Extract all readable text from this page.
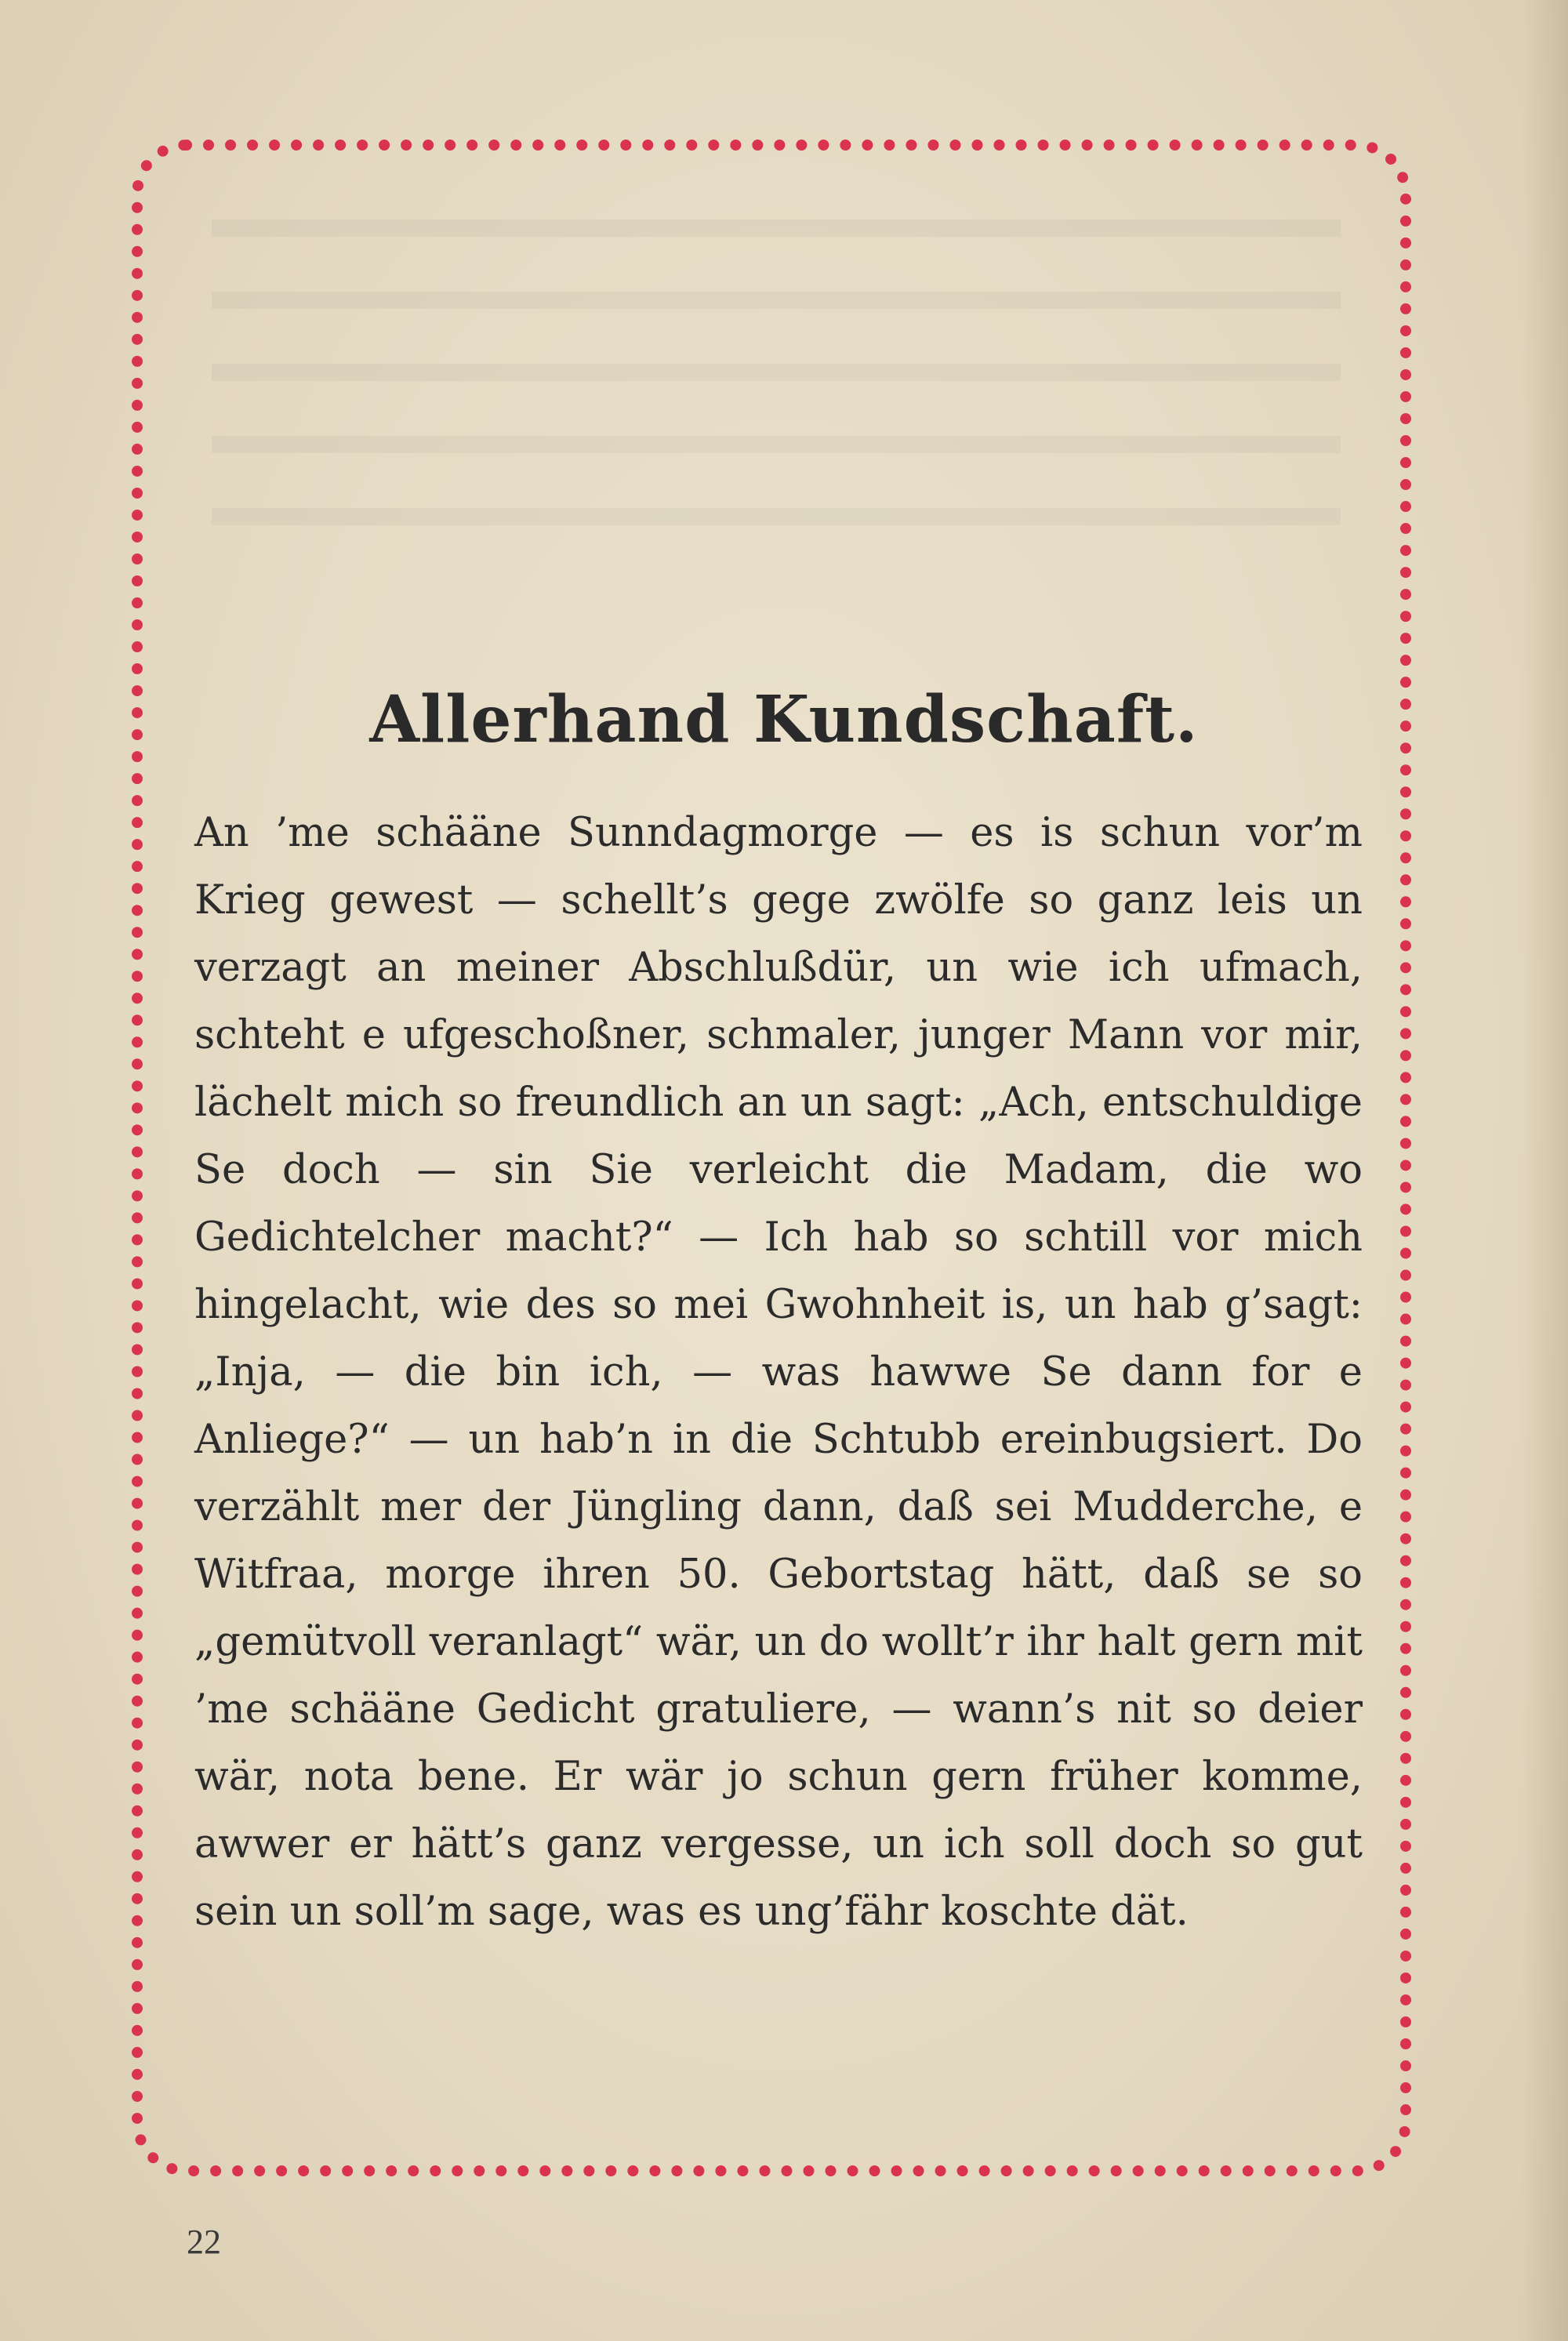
Allerhand Kundschaft.

An ’me schääne Sunndagmorge — es is schun vor’m Krieg gewest — schellt’s gege zwölfe so ganz leis un verzagt an meiner Abschlußdür, un wie ich ufmach, schteht e ufgeschoßner, schmaler, junger Mann vor mir, lächelt mich so freundlich an un sagt: „Ach, entschuldige Se doch — sin Sie verleicht die Madam, die wo Gedichtelcher macht?“ — Ich hab so schtill vor mich hingelacht, wie des so mei Gwohnheit is, un hab g’sagt: „Inja, — die bin ich, — was hawwe Se dann for e Anliege?“ — un hab’n in die Schtubb ereinbugsiert. Do verzählt mer der Jüngling dann, daß sei Mudderche, e Witfraa, morge ihren 50. Gebortstag hätt, daß se so „gemütvoll veranlagt“ wär, un do wollt’r ihr halt gern mit ’me schääne Gedicht gratuliere, — wann’s nit so deier wär, nota bene. Er wär jo schun gern früher komme, awwer er hätt’s ganz vergesse, un ich soll doch so gut sein un soll’m sage, was es ung’fähr koschte dät.

22
